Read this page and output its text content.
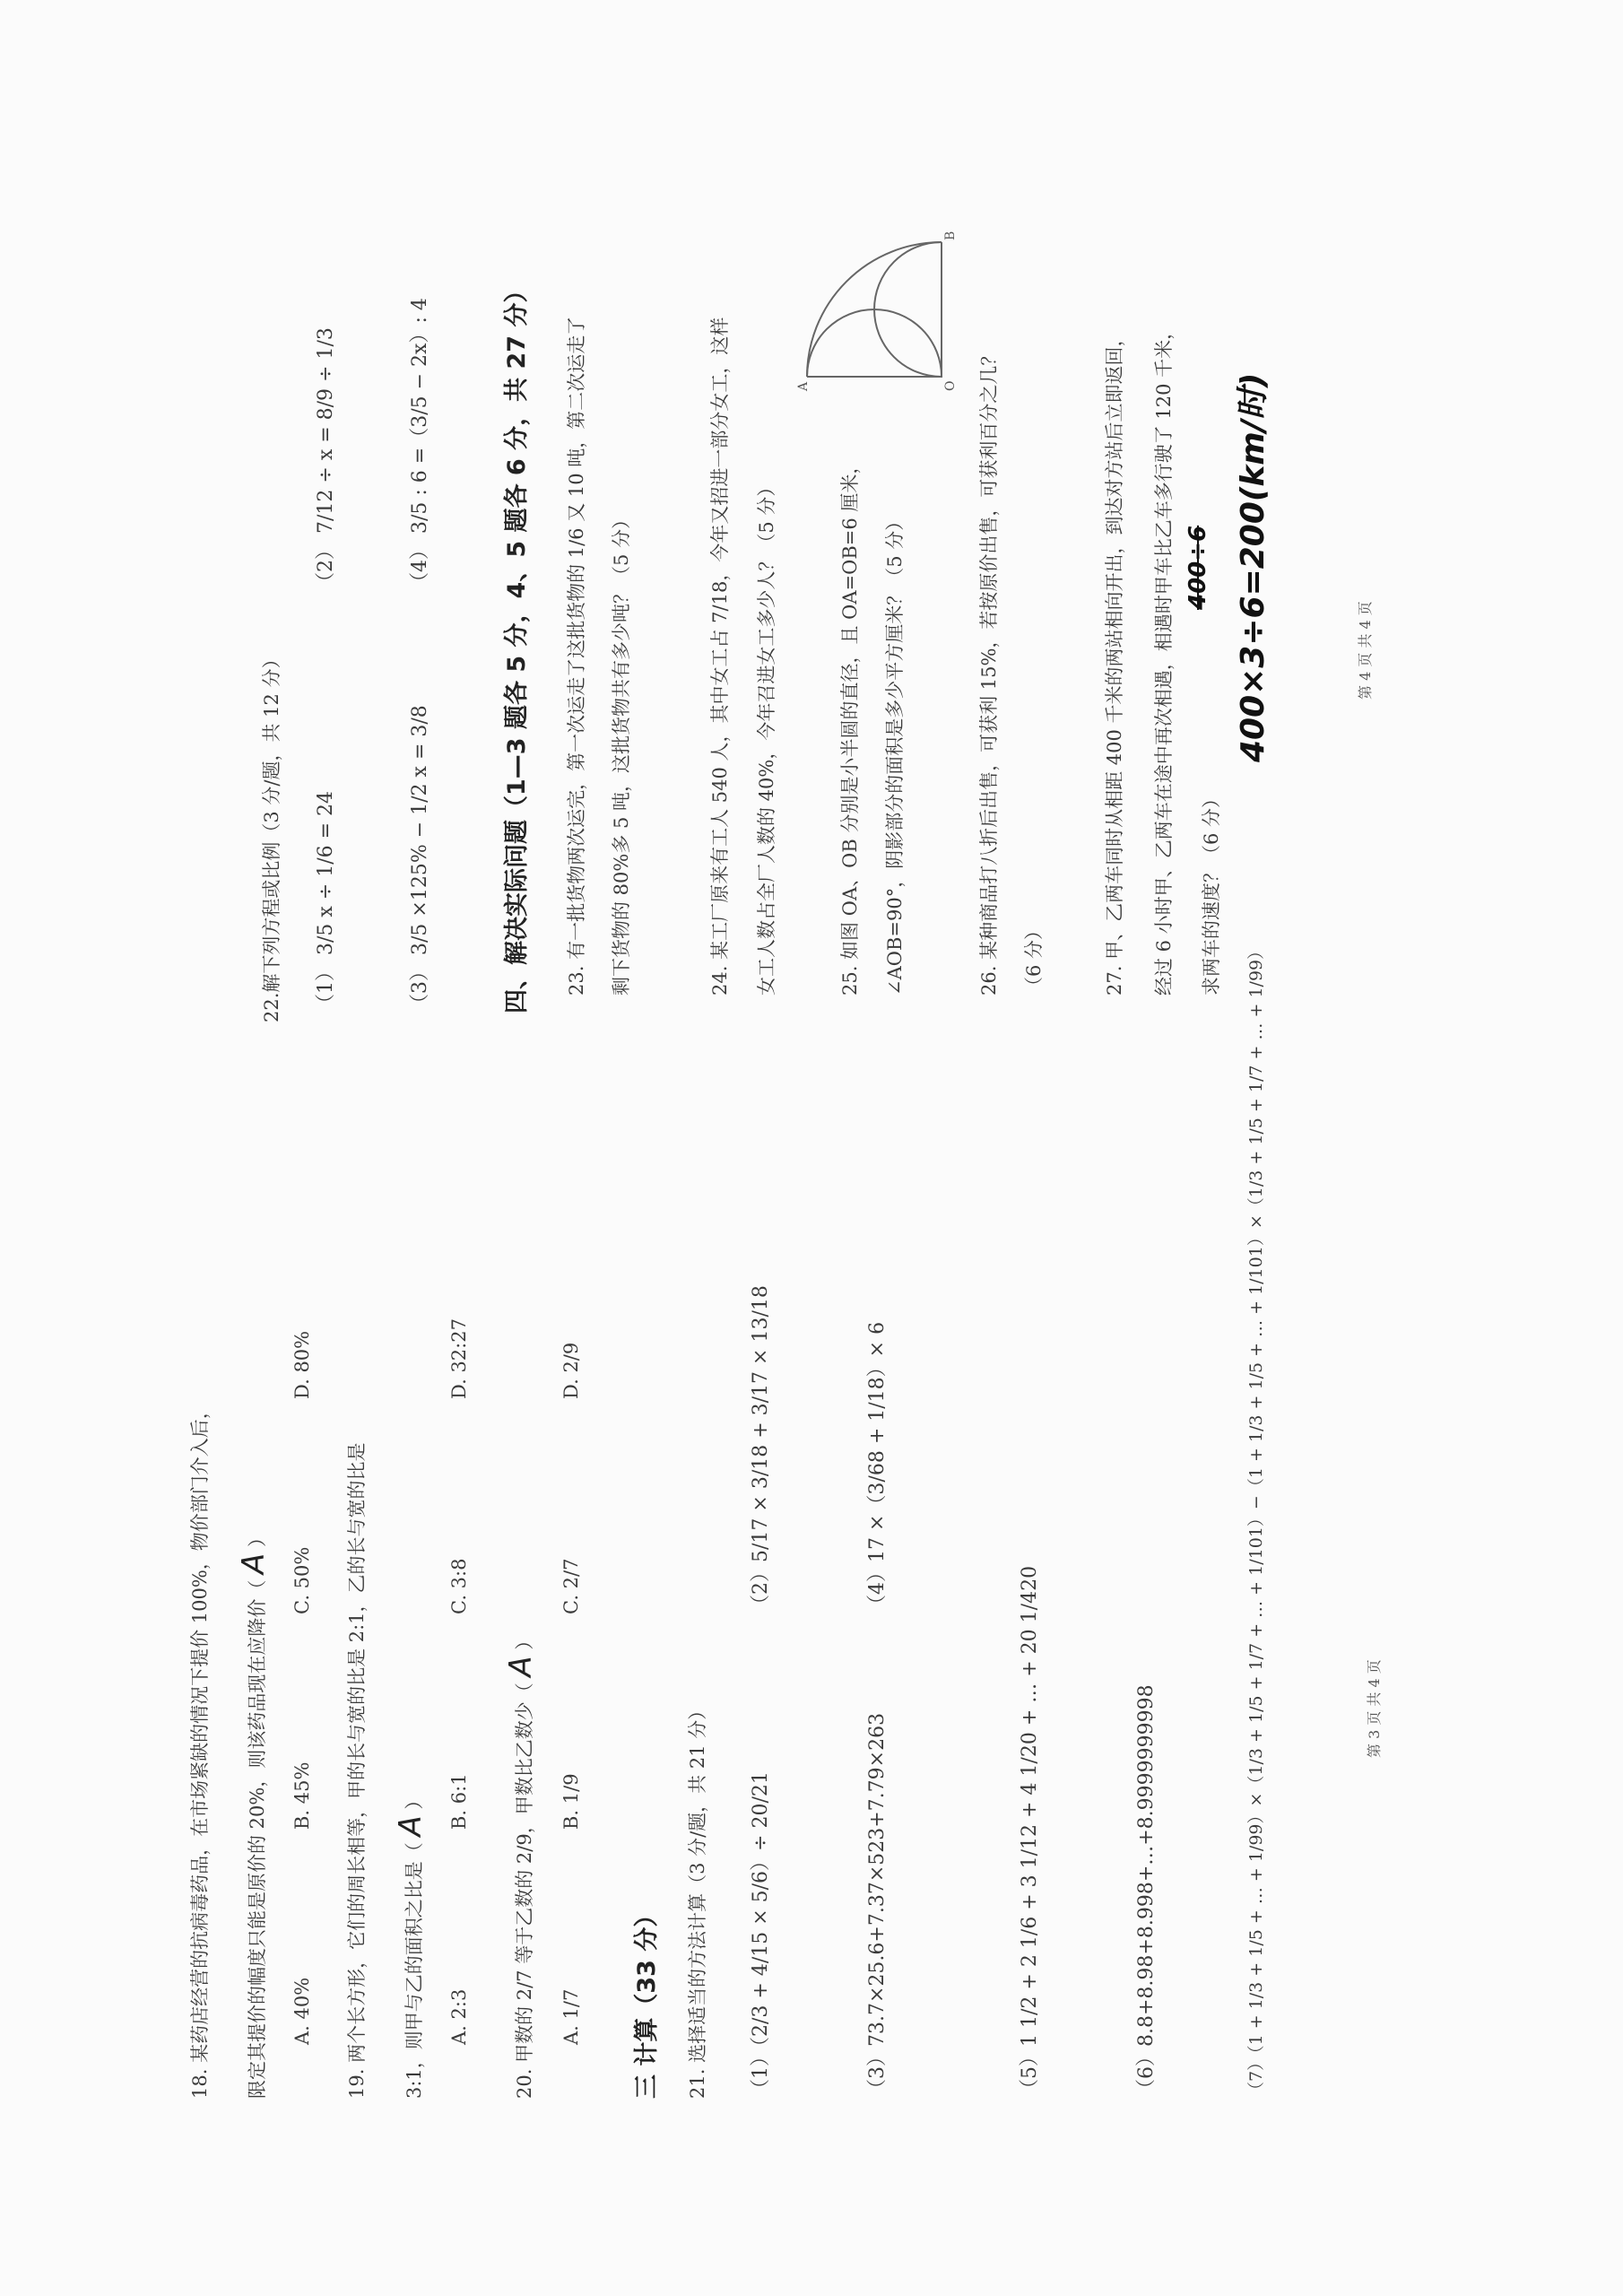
18. 某药店经营的抗病毒药品，在市场紧缺的情况下提价 100%，物价部门介入后，	限定其提价的幅度只能是原价的 20%，则该药品现在应降价（ A ）
A. 40%
B. 45%
C. 50%
D. 80%
19. 两个长方形，它们的周长相等，甲的长与宽的比是 2:1，乙的长与宽的比是	3:1，则甲与乙的面积之比是（ A ）
A. 2:3
B. 6:1
C. 3:8
D. 32:27
20. 甲数的 2/7 等于乙数的 2/9，甲数比乙数少（ A ）
A. 1/7
B. 1/9
C. 2/7
D. 2/9
三 计算（33 分） 21. 选择适当的方法计算（3 分/题，共 21 分） （1）（2/3 + 4/15 × 5/6）÷ 20/21
（2）5/17 × 3/18 + 3/17 × 13/18
（3）73.7×25.6+7.37×523+7.79×263
（4）17 ×（3/68 + 1/18）× 6
（5）1 1/2 + 2 1/6 + 3 1/12 + 4 1/20 + … + 20 1/420	（6）8.8+8.98+8.998+…+8.9999999998	（7）（1 + 1/3 + 1/5 + … + 1/99）×（1/3 + 1/5 + 1/7 + … + 1/101）−（1 + 1/3 + 1/5 + … + 1/101）×（1/3 + 1/5 + 1/7 + … + 1/99）	第 3 页 共 4 页
22.解下列方程或比例（3 分/题，共 12 分） （1） 3/5 x ÷ 1/6 = 24
（2） 7/12 ÷ x = 8/9 ÷ 1/3
（3） 3/5 ×125% − 1/2 x = 3/8
（4） 3/5 : 6 =（3/5 − 2x）: 4	四、解决实际问题（1—3 题各 5 分，4、5 题各 6 分，共 27 分） 23. 有一批货物两次运完，第一次运走了这批货物的 1/6 又 10 吨，第二次运走了 剩下货物的 80%多 5 吨，这批货物共有多少吨？（5 分）	24. 某工厂原来有工人 540 人，其中女工占 7/18，今年又招进一部分女工，这样 女工人数占全厂人数的 40%，今年召进女工多少人？（5 分）	25. 如图 OA、OB 分别是小半圆的直径，且 OA=OB=6 厘米， ∠AOB=90°，阴影部分的面积是多少平方厘米？（5 分）
A	O
B
26. 某种商品打八折后出售，可获利 15%，若按原价出售，可获利百分之几？ （6 分）	27. 甲、乙两车同时从相距 400 千米的两站相向开出，到达对方站后立即返回， 经过 6 小时甲、乙两车在途中再次相遇，相遇时甲车比乙车多行驶了 120 千米， 求两车的速度？（6 分）
400÷6 400×3÷6=200(km/时)	第 4 页 共 4 页
